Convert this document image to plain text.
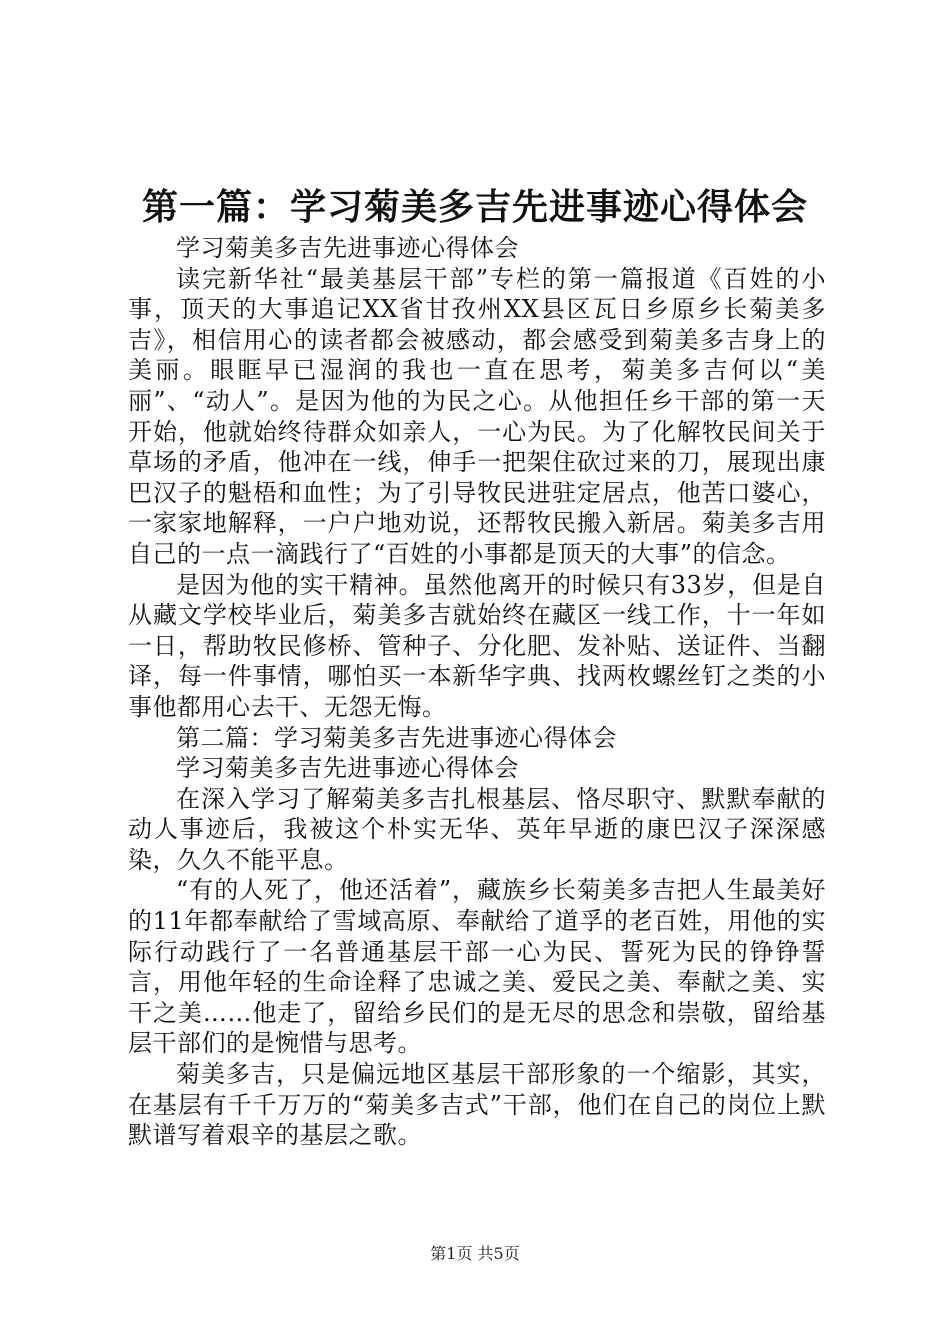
第一篇：学习菊美多吉先进事迹心得体会

学习菊美多吉先进事迹心得体会

读完新华社“最美基层干部”专栏的第一篇报道《百姓的小事，顶天的大事追记XX省甘孜州XX县区瓦日乡原乡长菊美多吉》，相信用心的读者都会被感动，都会感受到菊美多吉身上的美丽。眼眶早已湿润的我也一直在思考，菊美多吉何以“美丽”、“动人”。是因为他的为民之心。从他担任乡干部的第一天开始，他就始终待群众如亲人，一心为民。为了化解牧民间关于草场的矛盾，他冲在一线，伸手一把架住砍过来的刀，展现出康巴汉子的魁梧和血性；为了引导牧民进驻定居点，他苦口婆心，一家家地解释，一户户地劝说，还帮牧民搬入新居。菊美多吉用自己的一点一滴践行了“百姓的小事都是顶天的大事”的信念。

是因为他的实干精神。虽然他离开的时候只有33岁，但是自从藏文学校毕业后，菊美多吉就始终在藏区一线工作，十一年如一日，帮助牧民修桥、管种子、分化肥、发补贴、送证件、当翻译，每一件事情，哪怕买一本新华字典、找两枚螺丝钉之类的小事他都用心去干、无怨无悔。

第二篇：学习菊美多吉先进事迹心得体会

学习菊美多吉先进事迹心得体会

在深入学习了解菊美多吉扎根基层、恪尽职守、默默奉献的动人事迹后，我被这个朴实无华、英年早逝的康巴汉子深深感染，久久不能平息。

“有的人死了，他还活着”，藏族乡长菊美多吉把人生最美好的11年都奉献给了雪域高原、奉献给了道孚的老百姓，用他的实际行动践行了一名普通基层干部一心为民、誓死为民的铮铮誓言，用他年轻的生命诠释了忠诚之美、爱民之美、奉献之美、实干之美……他走了，留给乡民们的是无尽的思念和崇敬，留给基层干部们的是惋惜与思考。

菊美多吉，只是偏远地区基层干部形象的一个缩影，其实，在基层有千千万万的“菊美多吉式”干部，他们在自己的岗位上默默谱写着艰辛的基层之歌。

第1页 共5页
